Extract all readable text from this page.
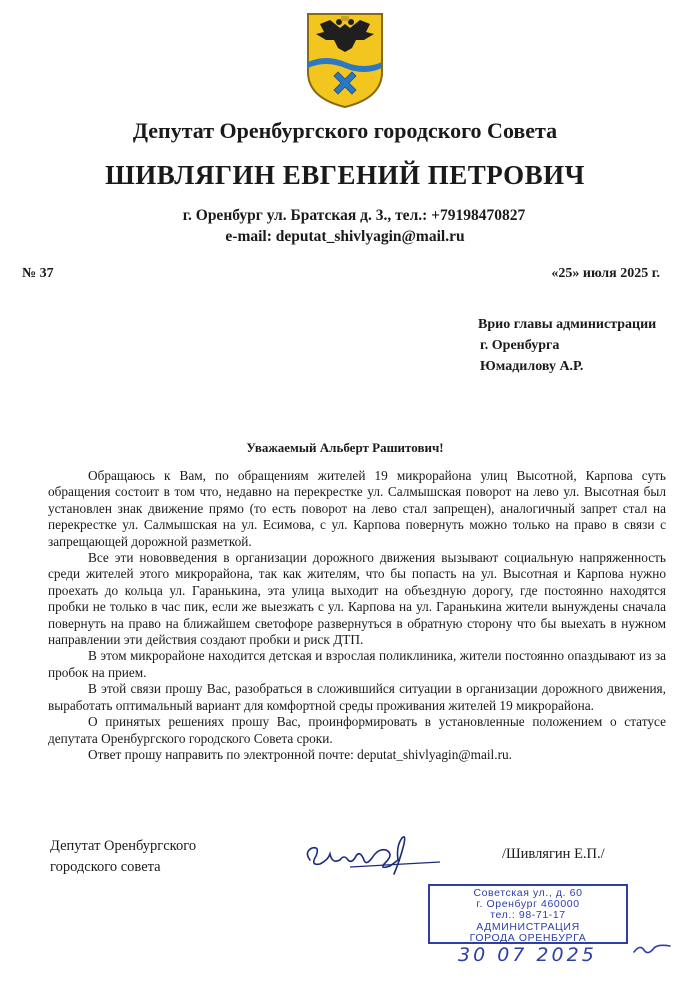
Депутат Оренбургского городского Совета
ШИВЛЯГИН ЕВГЕНИЙ ПЕТРОВИЧ
г. Оренбург ул. Братская д. 3., тел.: +79198470827
e-mail: deputat_shivlyagin@mail.ru
№ 37	«25» июля 2025 г.
Врио главы администрации
г. Оренбурга
Юмадилову А.Р.
Уважаемый Альберт Рашитович!

Обращаюсь к Вам, по обращениям жителей 19 микрорайона улиц Высотной, Карпова суть обращения состоит в том что, недавно на перекрестке ул. Салмышская поворот на лево ул. Высотная был установлен знак движение прямо (то есть поворот на лево стал запрещен), аналогичный запрет стал на перекрестке ул. Салмышская на ул. Есимова, с ул. Карпова повернуть можно только на право в связи с запрещающей дорожной разметкой.

Все эти нововведения в организации дорожного движения вызывают социальную напряженность среди жителей этого микрорайона, так как жителям, что бы попасть на ул. Высотная и Карпова нужно проехать до кольца ул. Гаранькина, эта улица выходит на объездную дорогу, где постоянно находятся пробки не только в час пик, если же выезжать с ул. Карпова на ул. Гаранькина жители вынуждены сначала повернуть на право на ближайшем светофоре развернуться в обратную сторону что бы выехать в нужном направлении эти действия создают пробки и риск ДТП.

В этом микрорайоне находится детская и взрослая поликлиника, жители постоянно опаздывают из за пробок на прием.

В этой связи прошу Вас, разобраться в сложившийся ситуации в организации дорожного движения, выработать оптимальный вариант для комфортной среды проживания жителей 19 микрорайона.

О принятых решениях прошу Вас, проинформировать в установленные положением о статусе депутата Оренбургского городского Совета сроки.

Ответ прошу направить по электронной почте: deputat_shivlyagin@mail.ru.

Депутат Оренбургского
городского совета
/Шивлягин Е.П./
Советская ул., д. 60
г. Оренбург 460000
тел.: 98-71-17
АДМИНИСТРАЦИЯ
ГОРОДА ОРЕНБУРГА
30 07 2025
